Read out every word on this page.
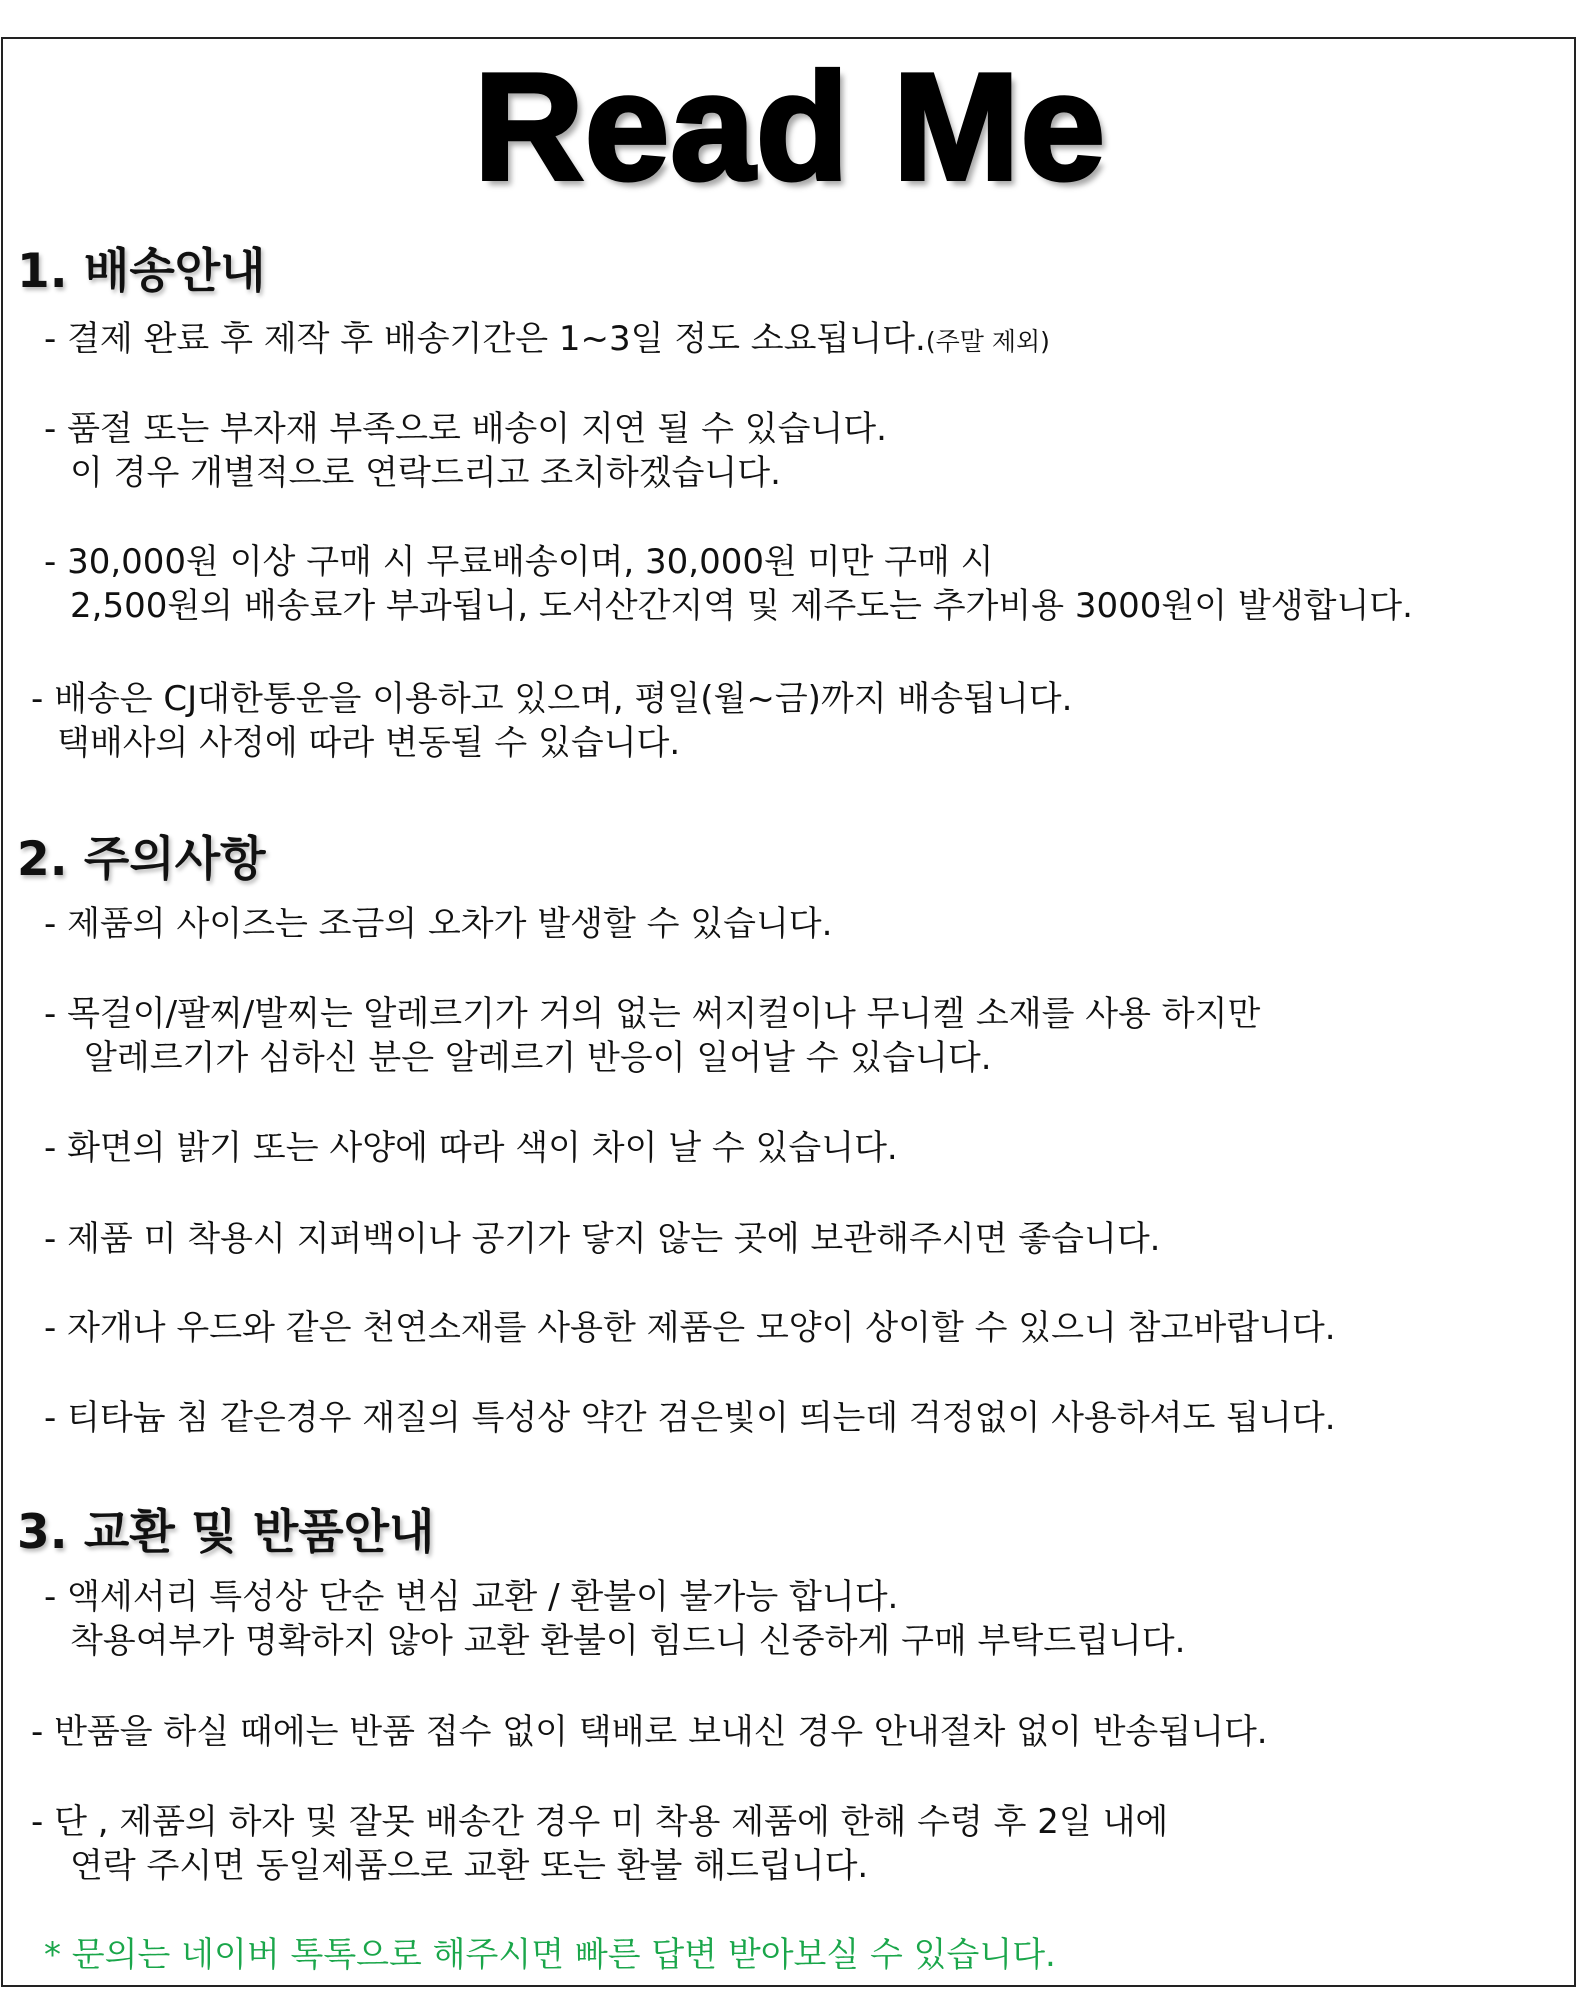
Read Me
1. 배송안내
- 결제 완료 후 제작 후 배송기간은 1~3일 정도 소요됩니다.(주말 제외)
- 품절 또는 부자재 부족으로 배송이 지연 될 수 있습니다.
이 경우 개별적으로 연락드리고 조치하겠습니다.
- 30,000원 이상 구매 시 무료배송이며, 30,000원 미만 구매 시
2,500원의 배송료가 부과됩니, 도서산간지역 및 제주도는 추가비용 3000원이 발생합니다.
- 배송은 CJ대한통운을 이용하고 있으며, 평일(월~금)까지 배송됩니다.
택배사의 사정에 따라 변동될 수 있습니다.
2. 주의사항
- 제품의 사이즈는 조금의 오차가 발생할 수 있습니다.
- 목걸이/팔찌/발찌는 알레르기가 거의 없는 써지컬이나 무니켈 소재를 사용 하지만
알레르기가 심하신 분은 알레르기 반응이 일어날 수 있습니다.
- 화면의 밝기 또는 사양에 따라 색이 차이 날 수 있습니다.
- 제품 미 착용시 지퍼백이나 공기가 닿지 않는 곳에 보관해주시면 좋습니다.
- 자개나 우드와 같은 천연소재를 사용한 제품은 모양이 상이할 수 있으니 참고바랍니다.
- 티타늄 침 같은경우 재질의 특성상 약간 검은빛이 띄는데 걱정없이 사용하셔도 됩니다.
3. 교환 및 반품안내
- 액세서리 특성상 단순 변심 교환 / 환불이 불가능 합니다.
착용여부가 명확하지 않아 교환 환불이 힘드니 신중하게 구매 부탁드립니다.
- 반품을 하실 때에는 반품 접수 없이 택배로 보내신 경우 안내절차 없이 반송됩니다.
- 단 , 제품의 하자 및 잘못 배송간 경우 미 착용 제품에 한해 수령 후 2일 내에
연락 주시면 동일제품으로 교환 또는 환불 해드립니다.
* 문의는 네이버 톡톡으로 해주시면 빠른 답변 받아보실 수 있습니다.
